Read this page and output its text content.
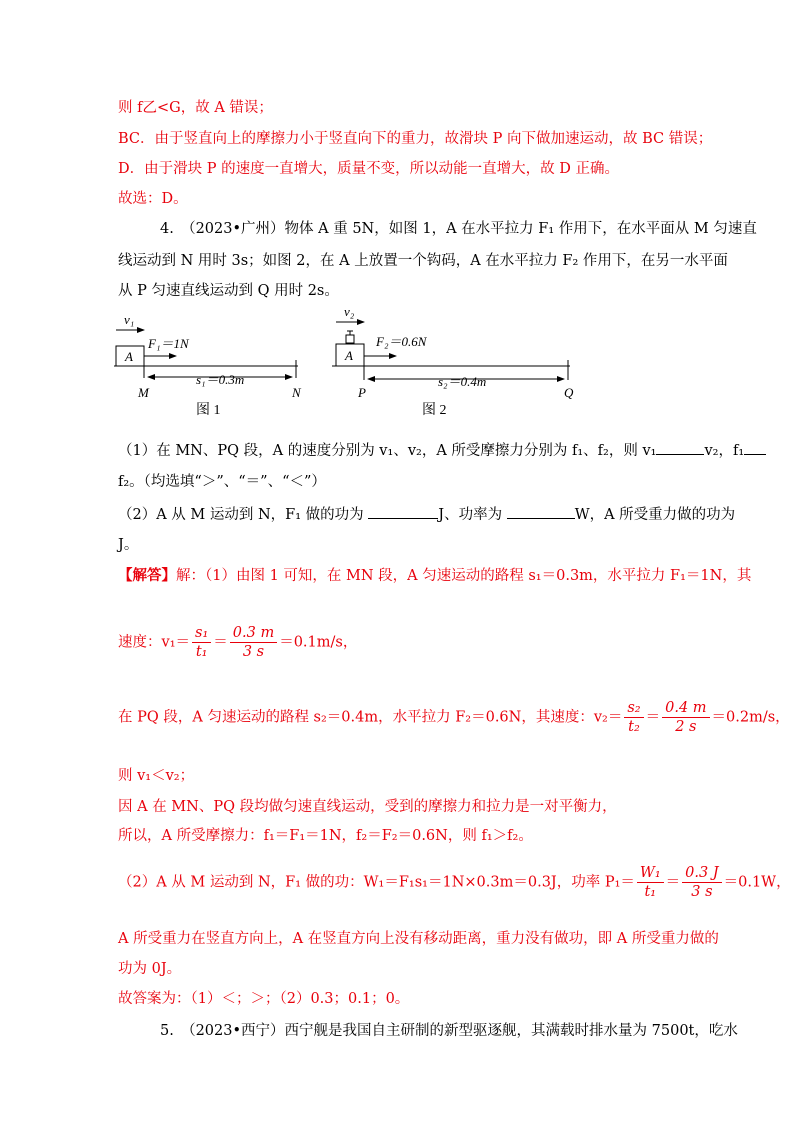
则 f乙<G，故 A 错误；
BC．由于竖直向上的摩擦力小于竖直向下的重力，故滑块 P 向下做加速运动，故 BC 错误；
D．由于滑块 P 的速度一直增大，质量不变，所以动能一直增大，故 D 正确。
故选：D。
4.　（2023•广州）物体 A 重 5N，如图 1，A 在水平拉力 F₁ 作用下，在水平面从 M 匀速直
线运动到 N 用时 3s；如图 2，在 A 上放置一个钩码，A 在水平拉力 F₂ 作用下，在另一水平面
从 P 匀速直线运动到 Q 用时 2s。
v₁
A
F₁＝1N
s₁＝0.3m
M	N
图 1
v₂
A
F₂＝0.6N
s₂＝0.4m
P	Q
图 2
（1）在 MN、PQ 段，A 的速度分别为 v₁、v₂，A 所受摩擦力分别为 f₁、f₂，则 v₁	v₂，f₁
f₂。（均选填“＞”、“＝”、“＜”）
（2）A 从 M 运动到 N，F₁ 做的功为	J、功率为	W，A 所受重力做的功为
J。
【解答】解：（1）由图 1 可知，在 MN 段，A 匀速运动的路程 s₁＝0.3m，水平拉力 F₁＝1N，其
速度：$v_1= \frac{\text{s₁}}{\text{t₁}} = \frac{0.3 m}{3 s} =0.1m/s$，
在 PQ 段，A 匀速运动的路程 s₂＝0.4m，水平拉力 F₂＝0.6N，其速度：$v_2= \frac{\text{s₂}}{\text{t₂}} = \frac{0.4 m}{2 s} =0.2m/s$，
则 v₁＜v₂；
因 A 在 MN、PQ 段均做匀速直线运动，受到的摩擦力和拉力是一对平衡力，
所以，A 所受摩擦力：f₁＝F₁＝1N，f₂＝F₂＝0.6N，则 f₁＞f₂。
（2）A 从 M 运动到 N，F₁ 做的功：W₁＝F₁s₁＝1N×0.3m＝0.3J，功率 $P_1= \frac{\text{W₁}}{\text{t₁}} = \frac{0.3 J}{3 s} =0.1W$，
A 所受重力在竖直方向上，A 在竖直方向上没有移动距离，重力没有做功，即 A 所受重力做的
功为 0J。
故答案为：（1）＜；＞；（2）0.3；0.1；0。
5.　（2023•西宁）西宁舰是我国自主研制的新型驱逐舰，其满载时排水量为 7500t，吃水
